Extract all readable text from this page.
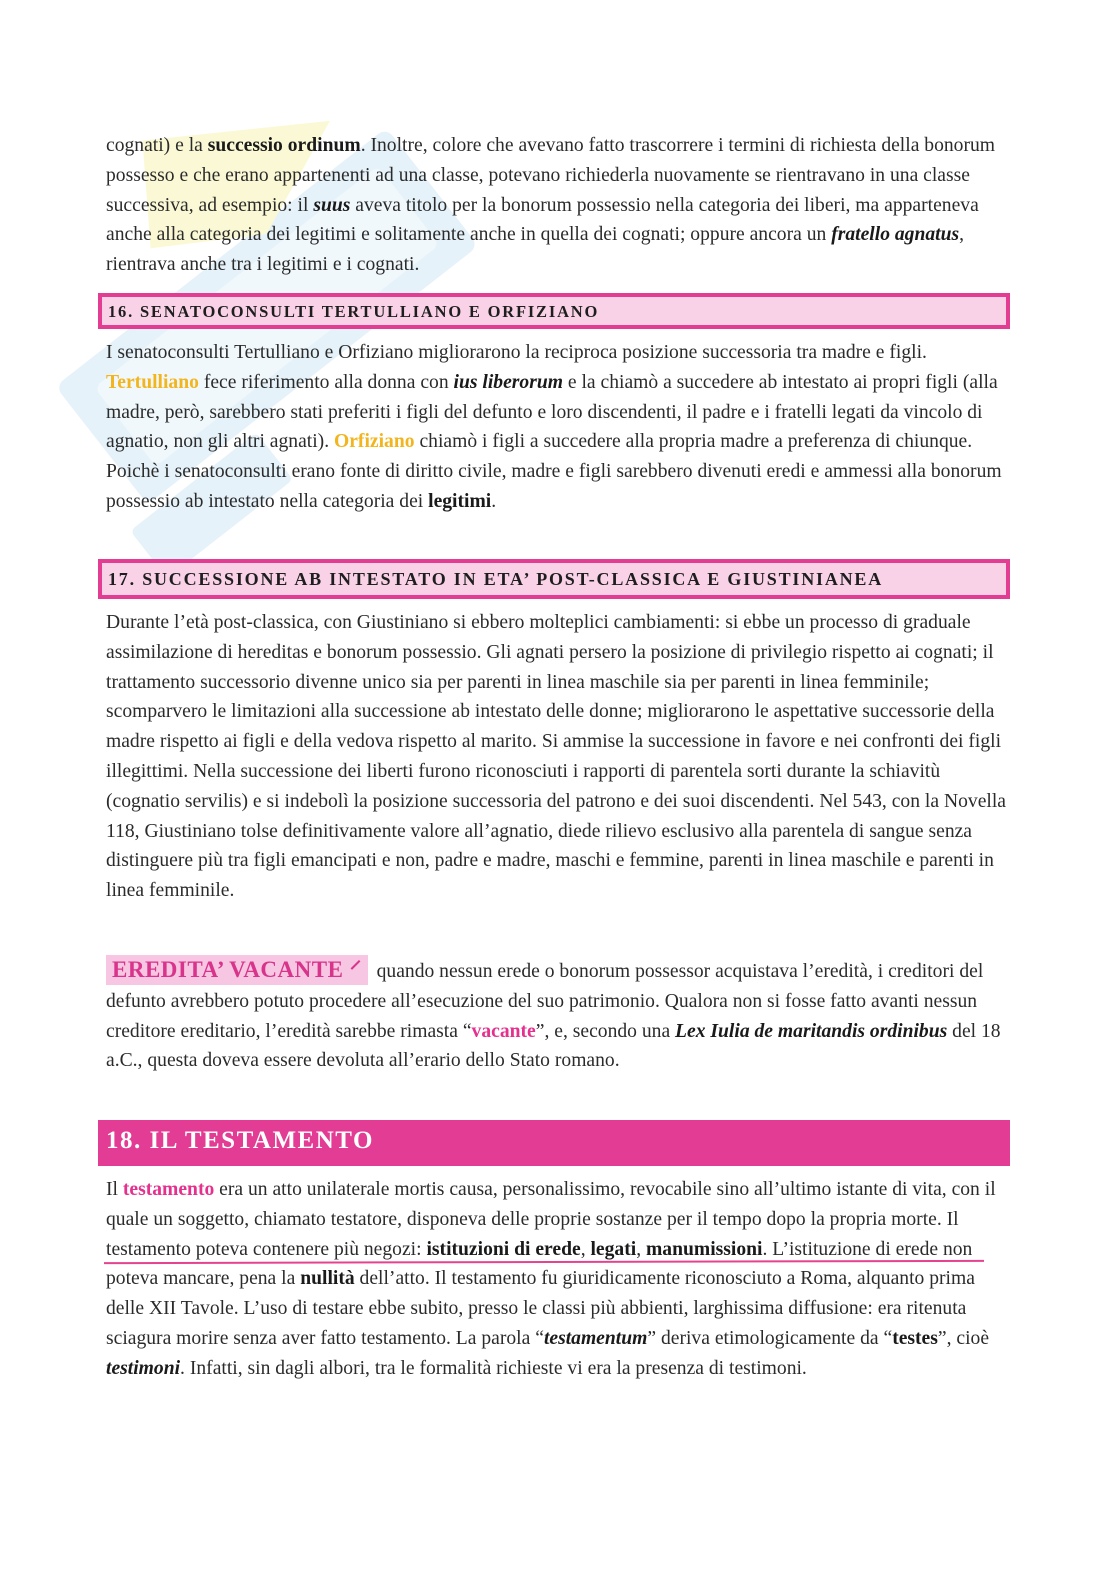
cognati) e la successio ordinum. Inoltre, colore che avevano fatto trascorrere i termini di richiesta della bonorum possesso e che erano appartenenti ad una classe, potevano richiederla nuovamente se rientravano in una classe successiva, ad esempio: il suus aveva titolo per la bonorum possessio nella categoria dei liberi, ma apparteneva anche alla categoria dei legitimi e solitamente anche in quella dei cognati; oppure ancora un fratello agnatus, rientrava anche tra i legitimi e i cognati.

16. SENATOCONSULTI TERTULLIANO E ORFIZIANO

I senatoconsulti Tertulliano e Orfiziano migliorarono la reciproca posizione successoria tra madre e figli. Tertulliano fece riferimento alla donna con ius liberorum e la chiamò a succedere ab intestato ai propri figli (alla madre, però, sarebbero stati preferiti i figli del defunto e loro discendenti, il padre e i fratelli legati da vincolo di agnatio, non gli altri agnati). Orfiziano chiamò i figli a succedere alla propria madre a preferenza di chiunque. Poichè i senatoconsulti erano fonte di diritto civile, madre e figli sarebbero divenuti eredi e ammessi alla bonorum possessio ab intestato nella categoria dei legitimi.

17. SUCCESSIONE AB INTESTATO IN ETA’ POST-CLASSICA E GIUSTINIANEA

Durante l’età post-classica, con Giustiniano si ebbero molteplici cambiamenti: si ebbe un processo di graduale assimilazione di hereditas e bonorum possessio. Gli agnati persero la posizione di privilegio rispetto ai cognati; il trattamento successorio divenne unico sia per parenti in linea maschile sia per parenti in linea femminile; scomparvero le limitazioni alla successione ab intestato delle donne; migliorarono le aspettative successorie della madre rispetto ai figli e della vedova rispetto al marito. Si ammise la successione in favore e nei confronti dei figli illegittimi. Nella successione dei liberti furono riconosciuti i rapporti di parentela sorti durante la schiavitù (cognatio servilis) e si indebolì la posizione successoria del patrono e dei suoi discendenti. Nel 543, con la Novella 118, Giustiniano tolse definitivamente valore all’agnatio, diede rilievo esclusivo alla parentela di sangue senza distinguere più tra figli emancipati e non, padre e madre, maschi e femmine, parenti in linea maschile e parenti in linea femminile.

EREDITA’ VACANTE ⸍ quando nessun erede o bonorum possessor acquistava l’eredità, i creditori del defunto avrebbero potuto procedere all’esecuzione del suo patrimonio. Qualora non si fosse fatto avanti nessun creditore ereditario, l’eredità sarebbe rimasta “vacante”, e, secondo una Lex Iulia de maritandis ordinibus del 18 a.C., questa doveva essere devoluta all’erario dello Stato romano.

18. IL TESTAMENTO

Il testamento era un atto unilaterale mortis causa, personalissimo, revocabile sino all’ultimo istante di vita, con il quale un soggetto, chiamato testatore, disponeva delle proprie sostanze per il tempo dopo la propria morte. Il testamento poteva contenere più negozi: istituzioni di erede, legati, manumissioni. L’istituzione di erede non poteva mancare, pena la nullità dell’atto. Il testamento fu giuridicamente riconosciuto a Roma, alquanto prima delle XII Tavole. L’uso di testare ebbe subito, presso le classi più abbienti, larghissima diffusione: era ritenuta sciagura morire senza aver fatto testamento. La parola “testamentum” deriva etimologicamente da “testes”, cioè testimoni. Infatti, sin dagli albori, tra le formalità richieste vi era la presenza di testimoni.
